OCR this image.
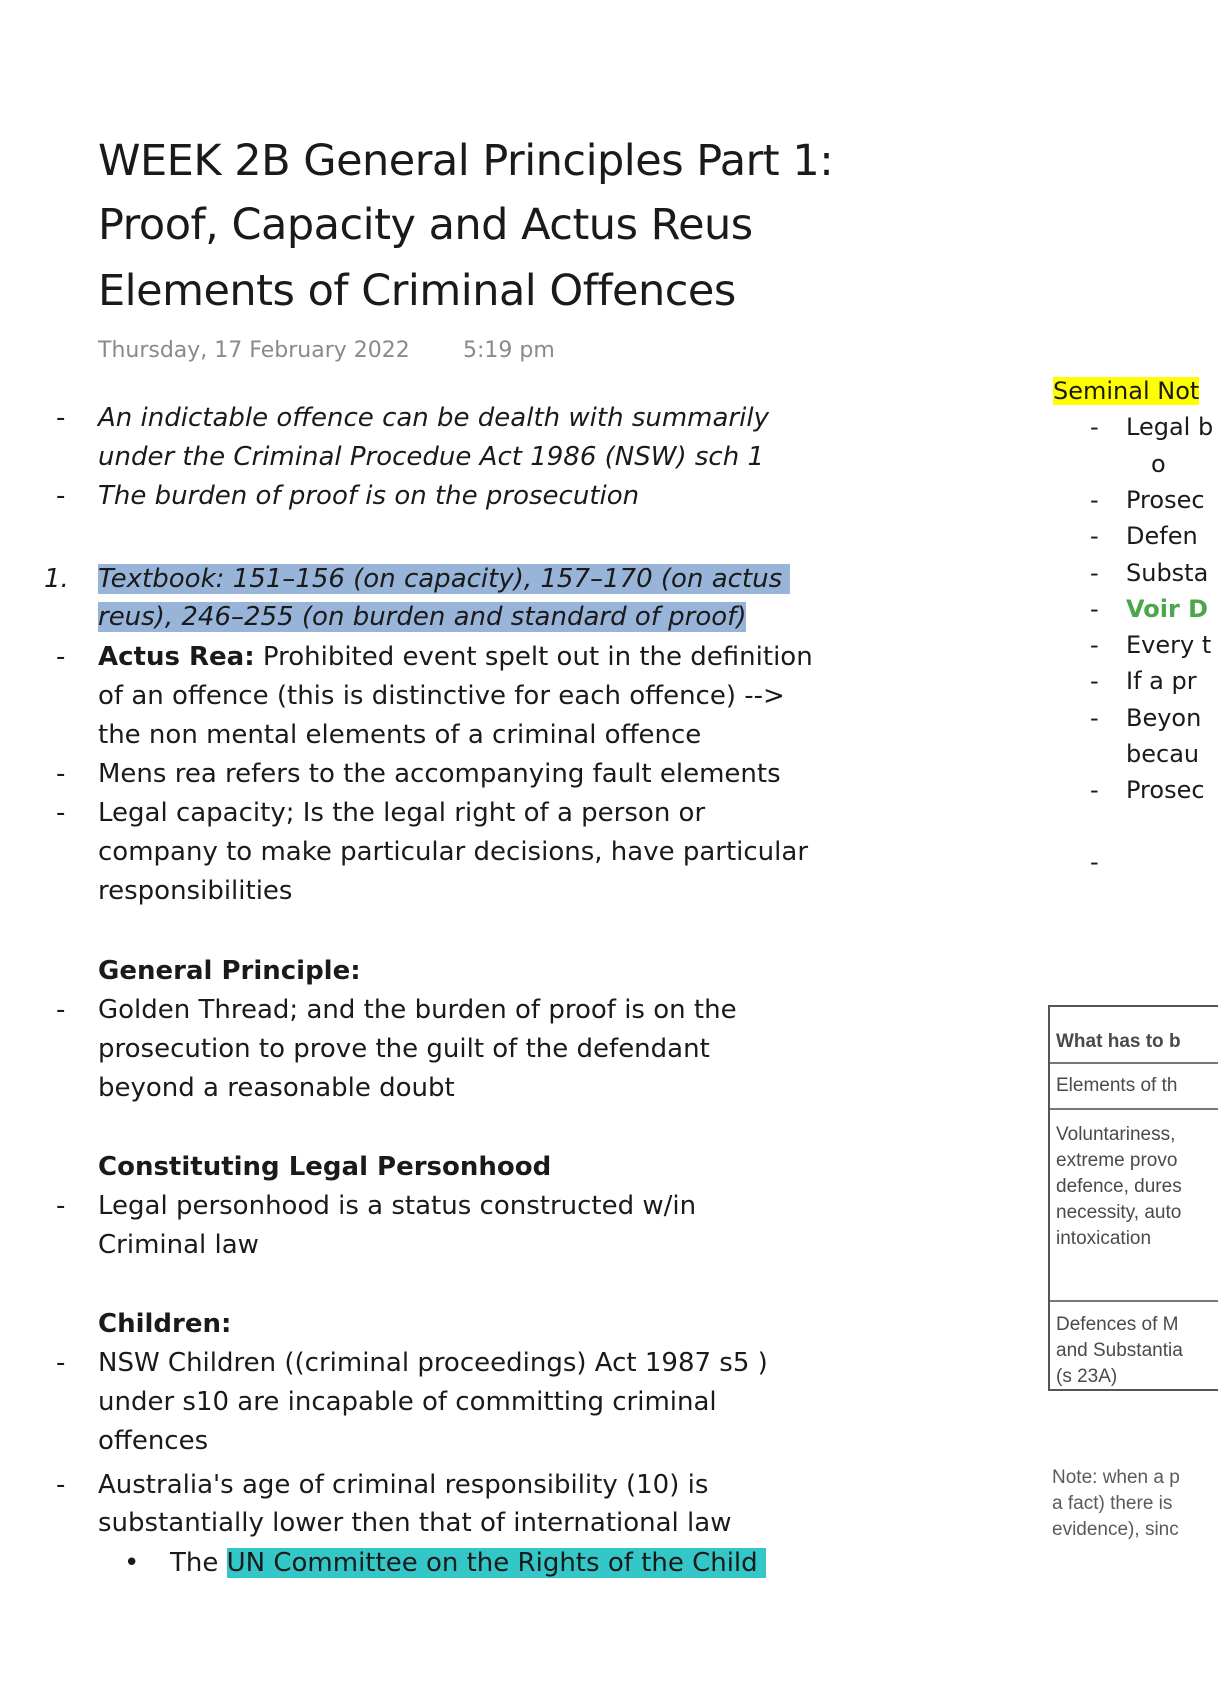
WEEK 2B General Principles Part 1:
Proof, Capacity and Actus Reus
Elements of Criminal Offences
Thursday, 17 February 2022 5:19 pm
- An indictable offence can be dealth with summarily
under the Criminal Procedue Act 1986 (NSW) sch 1
- The burden of proof is on the prosecution
1. Textbook: 151–156 (on capacity), 157–170 (on actus
reus), 246–255 (on burden and standard of proof)
- Actus Rea: Prohibited event spelt out in the definition
of an offence (this is distinctive for each offence) -->
the non mental elements of a criminal offence
- Mens rea refers to the accompanying fault elements
- Legal capacity; Is the legal right of a person or
company to make particular decisions, have particular
responsibilities
General Principle:
- Golden Thread; and the burden of proof is on the
prosecution to prove the guilt of the defendant
beyond a reasonable doubt
Constituting Legal Personhood
- Legal personhood is a status constructed w/in
Criminal law
Children:
- NSW Children ((criminal proceedings) Act 1987 s5 )
under s10 are incapable of committing criminal
offences
- Australia's age of criminal responsibility (10) is
substantially lower then that of international law
• The UN Committee on the Rights of the Child
Seminal Not
- Legal b
o
- Prosec
- Defen
- Substa
- Voir D
- Every t
- If a pr
- Beyon
becau
- Prosec
-
What has to b
Elements of th
Voluntariness,
extreme provo
defence, dures
necessity, auto
intoxication
Defences of M
and Substantia
(s 23A)
Note: when a p
a fact) there is
evidence), sinc
